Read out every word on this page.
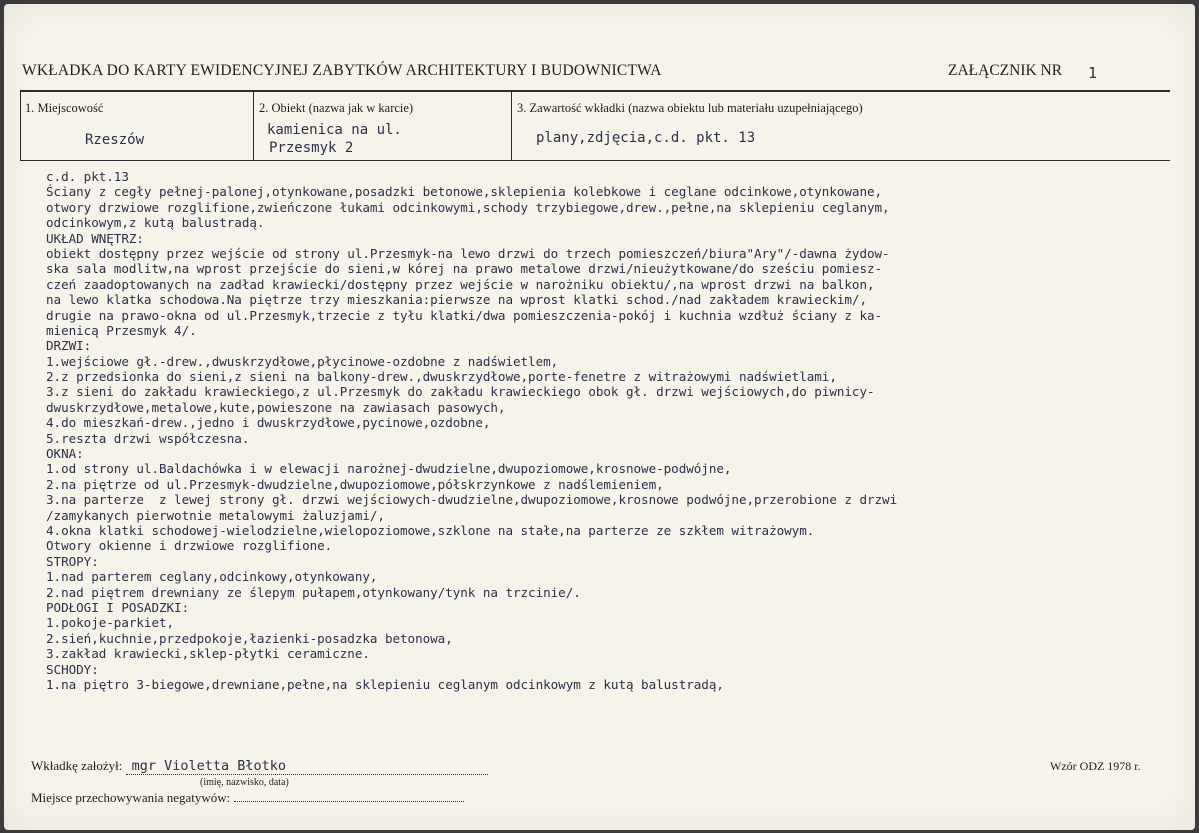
WKŁADKA DO KARTY EWIDENCYJNEJ ZABYTKÓW ARCHITEKTURY I BUDOWNICTWA	ZAŁĄCZNIK NR 1
1. Miejscowość
Rzeszów
2. Obiekt (nazwa jak w karcie)
kamienica na ul.
Przesmyk 2
3. Zawartość wkładki (nazwa obiektu lub materiału uzupełniającego)
plany,zdjęcia,c.d. pkt. 13
c.d. pkt.13
Ściany z cegły pełnej-palonej,otynkowane,posadzki betonowe,sklepienia kolebkowe i ceglane odcinkowe,otynkowane,
otwory drzwiowe rozglifione,zwieńczone łukami odcinkowymi,schody trzybiegowe,drew.,pełne,na sklepieniu ceglanym,
odcinkowym,z kutą balustradą.
UKŁAD WNĘTRZ:
obiekt dostępny przez wejście od strony ul.Przesmyk-na lewo drzwi do trzech pomieszczeń/biura"Ary"/-dawna żydow-
ska sala modlitw,na wprost przejście do sieni,w kórej na prawo metalowe drzwi/nieużytkowane/do sześciu pomiesz-
czeń zaadoptowanych na zadład krawiecki/dostępny przez wejście w narożniku obiektu/,na wprost drzwi na balkon,
na lewo klatka schodowa.Na piętrze trzy mieszkania:pierwsze na wprost klatki schod./nad zakładem krawieckim/,
drugie na prawo-okna od ul.Przesmyk,trzecie z tyłu klatki/dwa pomieszczenia-pokój i kuchnia wzdłuż ściany z ka-
mienicą Przesmyk 4/.
DRZWI:
1.wejściowe gł.-drew.,dwuskrzydłowe,płycinowe-ozdobne z nadświetlem,
2.z przedsionka do sieni,z sieni na balkony-drew.,dwuskrzydłowe,porte-fenetre z witrażowymi nadświetlami,
3.z sieni do zakładu krawieckiego,z ul.Przesmyk do zakładu krawieckiego obok gł. drzwi wejściowych,do piwnicy-
dwuskrzydłowe,metalowe,kute,powieszone na zawiasach pasowych,
4.do mieszkań-drew.,jedno i dwuskrzydłowe,pycinowe,ozdobne,
5.reszta drzwi współczesna.
OKNA:
1.od strony ul.Baldachówka i w elewacji narożnej-dwudzielne,dwupoziomowe,krosnowe-podwójne,
2.na piętrze od ul.Przesmyk-dwudzielne,dwupoziomowe,półskrzynkowe z nadślemieniem,
3.na parterze  z lewej strony gł. drzwi wejściowych-dwudzielne,dwupoziomowe,krosnowe podwójne,przerobione z drzwi
/zamykanych pierwotnie metalowymi żaluzjami/,
4.okna klatki schodowej-wielodzielne,wielopoziomowe,szklone na stałe,na parterze ze szkłem witrażowym.
Otwory okienne i drzwiowe rozglifione.
STROPY:
1.nad parterem ceglany,odcinkowy,otynkowany,
2.nad piętrem drewniany ze ślepym pułapem,otynkowany/tynk na trzcinie/.
PODŁOGI I POSADZKI:
1.pokoje-parkiet,
2.sień,kuchnie,przedpokoje,łazienki-posadzka betonowa,
3.zakład krawiecki,sklep-płytki ceramiczne.
SCHODY:
1.na piętro 3-biegowe,drewniane,pełne,na sklepieniu ceglanym odcinkowym z kutą balustradą,
Wkładkę założył: mgr Violetta Błotko
(imię, nazwisko, data)
Miejsce przechowywania negatywów:
Wzór ODZ 1978 r.
